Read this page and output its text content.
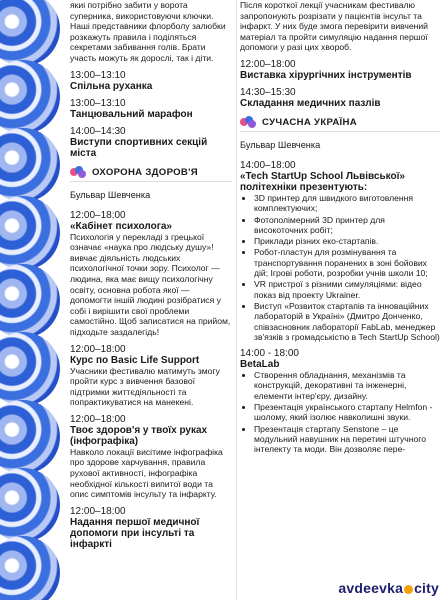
якиі потрібно забити у ворота суперника, використовуючи ключки. Наші представники флорболу залюбки розкажуть правила і поділяться секретами забивання голів. Брати участь можуть як дорослі, так і діти.

13:00–13:10

Спільна руханка

13:00–13:10

Танцювальний марафон

14:00–14:30

Виступи спортивних секцій міста

ОХОРОНА ЗДОРОВ'Я
Бульвар Шевченка

12:00–18:00

«Кабінет психолога»

Психологія у перекладі з грецької означає «наука про людську душу»! вивчає діяльність людських психологічної точки зору. Психолог — людина, яка має вищу психологічну освіту, основна робота якої — допомогти іншій людині розібратися у собі і вирішити свої проблеми самостійно. Щоб записатися на прийом, підходьте заздалегідь!

12:00–18:00

Курс по Basic Life Support

Учасники фестивалю матимуть змогу пройти курс з вивчення базової підтримки життєдіяльності та попрактикуватися на манекені.

12:00–18:00

Твоє здоров'я у твоїх руках (інфографіка)

Навколо локації висітиме інфографіка про здорове харчування, правила рухової активності, інфографіка необхідної кількості випитої води та опис симптомів інсульту та інфаркту.

12:00–18:00

Надання першої медичної допомоги при інсульті та інфаркті

Після короткої лекції учасникам фестивалю запропонують розрізати у пацієнтів інсульт та інфаркт. У них буде змога перевірити вивчений матеріал та пройти симуляцію надання першої допомоги у разі цих хвороб.

12:00–18:00

Виставка хірургічних інструментів

14:30–15:30

Складання медичних пазлів

СУЧАСНА УКРАЇНА
Бульвар Шевченка

14:00–18:00

«Tech StartUp School Львівської» політехніки презентують:

• 3D принтер для швидкого виготовлення комплектуючих;
• Фотополімерний 3D принтер для високоточних робіт;
• Приклади різних еко-стартапів.
• Робот-пластун для розмінування та транспортування поранених в зоні бойових дій; Ігрові роботи, розробки учнів школи 10;
• VR пристрої з різними симуляціями: відео показ від проекту Ukrainer.
• Виступ «Розвиток стартапів та інноваційних лабораторій в Україні» (Дмитро Донченко, співзасновник лабораторії FabLab, менеджер зв'язків з громадськістю в Tech StartUp School)

14:00 - 18:00

BetaLab

• Створення обладнання, механізмів та конструкцій, декоративні та інженерні, елементи інтер'єру, дизайну.
• Презентація українського стартапу Helmfon - шолому, який ізолює навколишні звуки.
• Презентація стартапу Senstone – це модульний навушник на перетині штучного інтелекту та моди. Він дозволяє пере-
avdeevka city
